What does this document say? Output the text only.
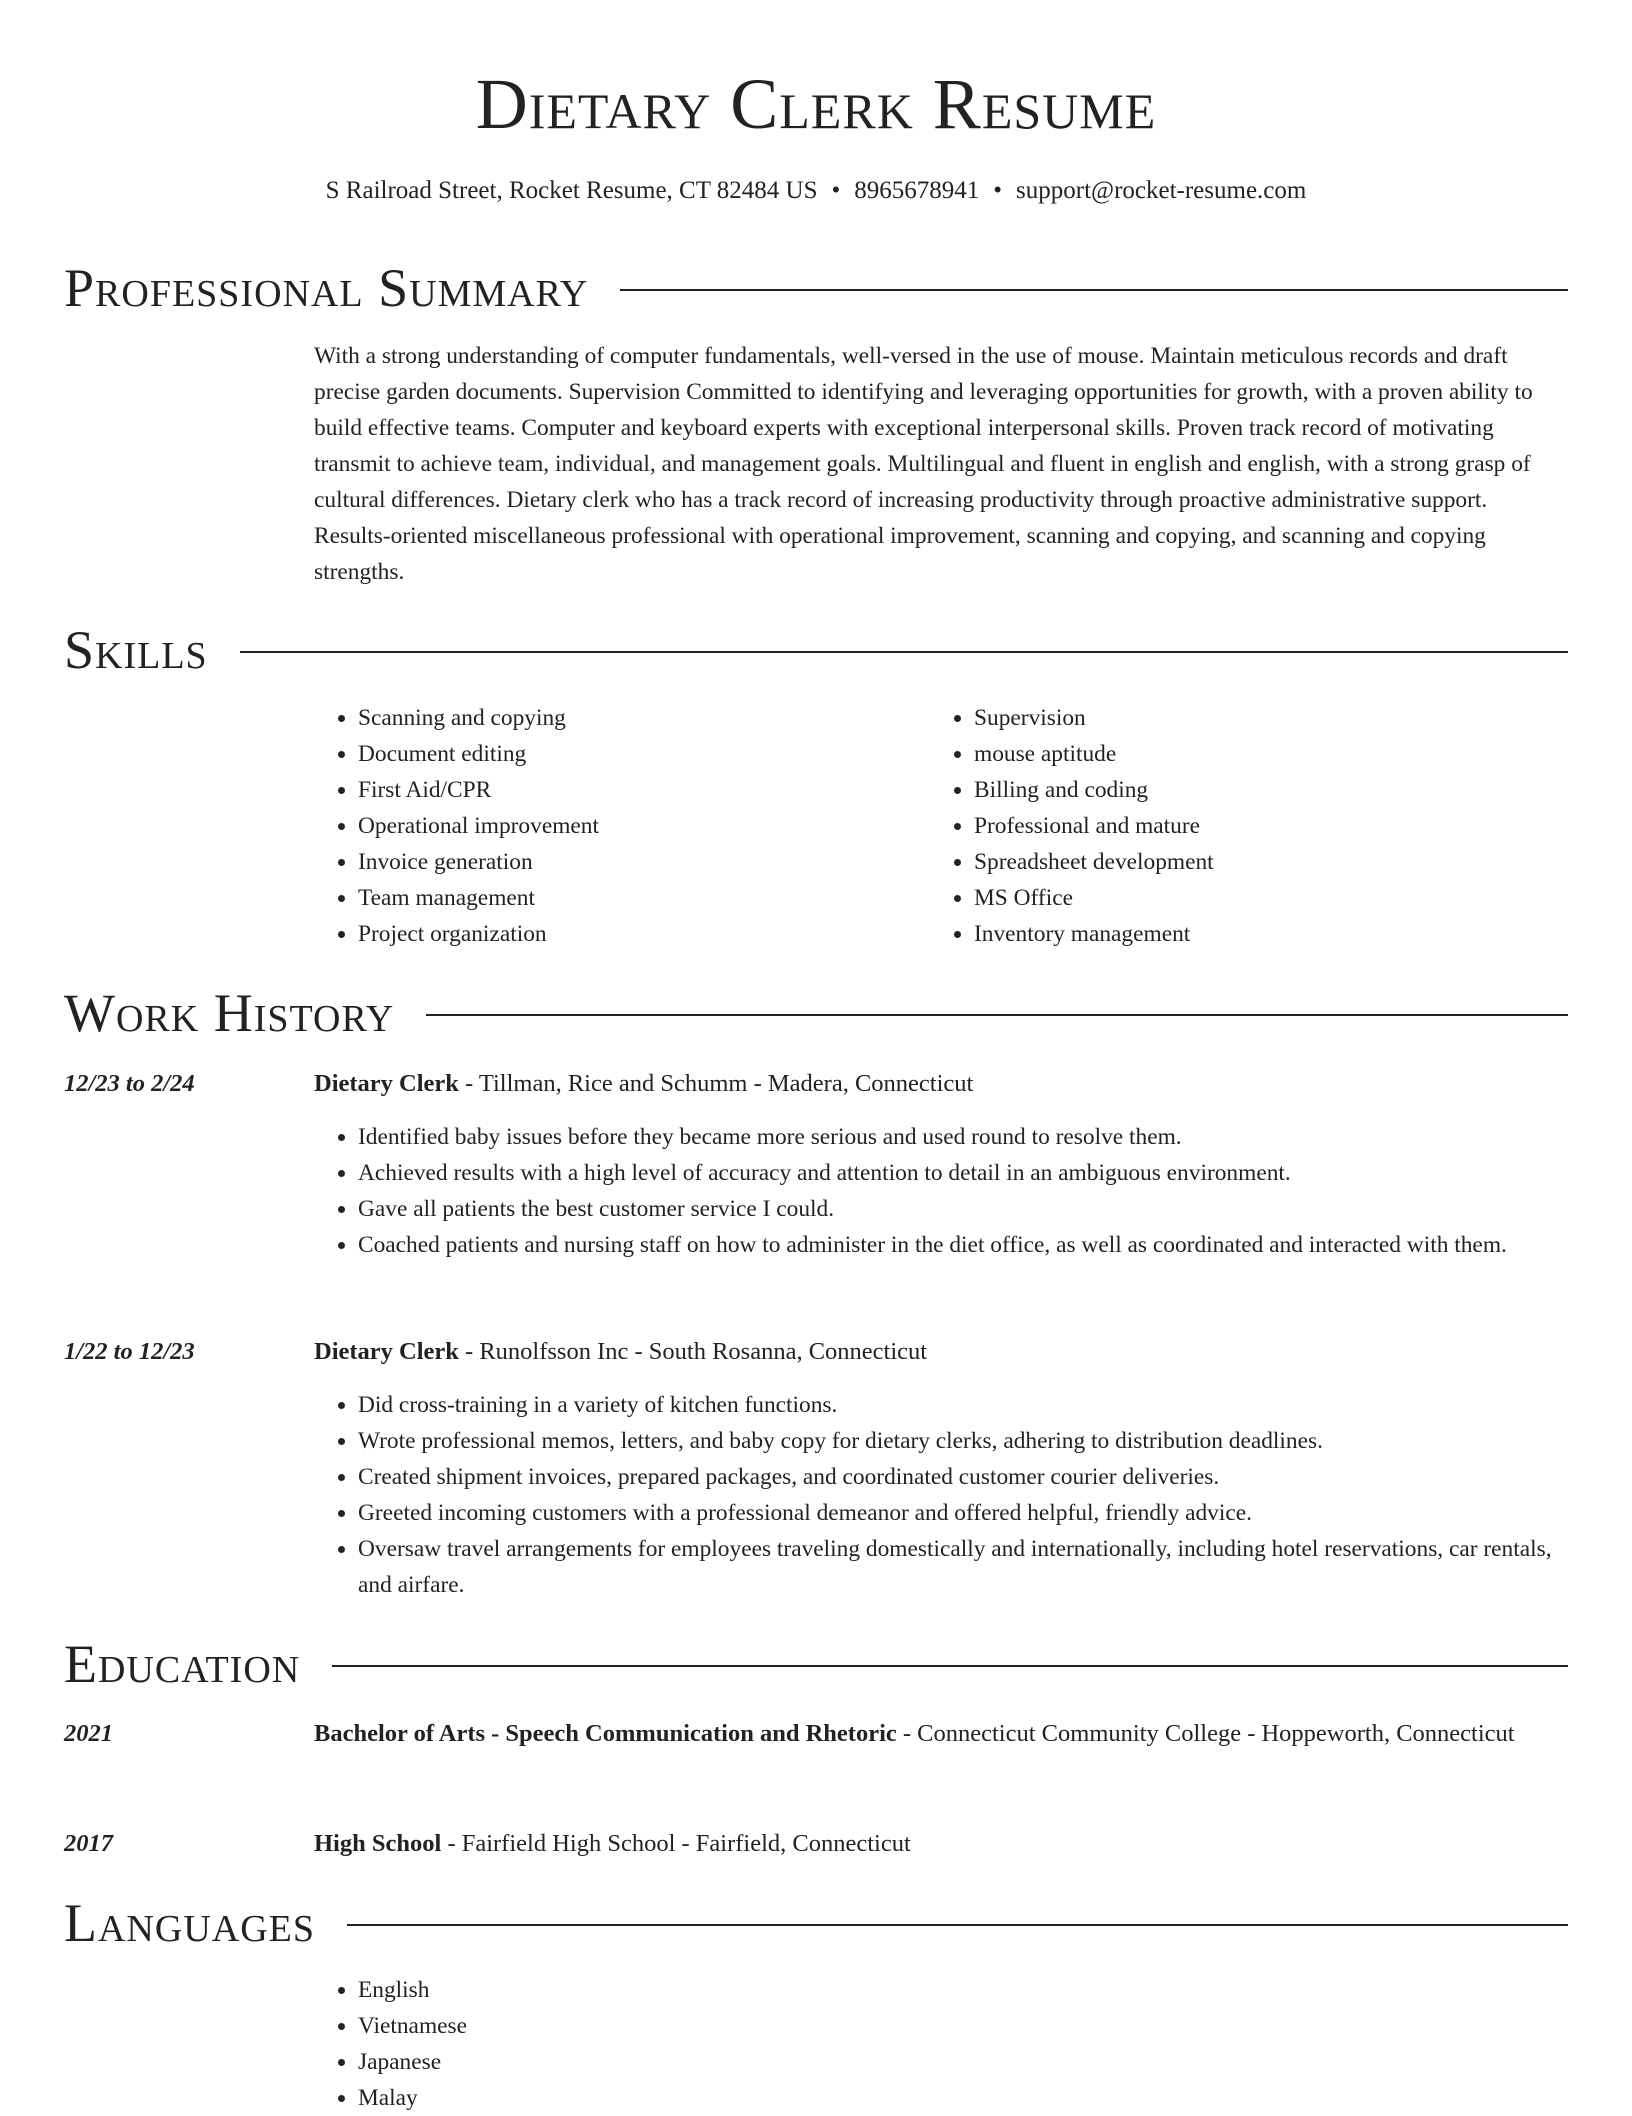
Dietary Clerk Resume
S Railroad Street, Rocket Resume, CT 82484 US • 8965678941 • support@rocket-resume.com
Professional Summary

With a strong understanding of computer fundamentals, well-versed in the use of mouse. Maintain meticulous records and draft precise garden documents. Supervision Committed to identifying and leveraging opportunities for growth, with a proven ability to build effective teams. Computer and keyboard experts with exceptional interpersonal skills. Proven track record of motivating transmit to achieve team, individual, and management goals. Multilingual and fluent in english and english, with a strong grasp of cultural differences. Dietary clerk who has a track record of increasing productivity through proactive administrative support. Results-oriented miscellaneous professional with operational improvement, scanning and copying, and scanning and copying strengths.

Skills
• Scanning and copying
• Document editing
• First Aid/CPR
• Operational improvement
• Invoice generation
• Team management
• Project organization
• Supervision
• mouse aptitude
• Billing and coding
• Professional and mature
• Spreadsheet development
• MS Office
• Inventory management
Work History
12/23 to 2/24	Dietary Clerk - Tillman, Rice and Schumm - Madera, Connecticut
• Identified baby issues before they became more serious and used round to resolve them.
• Achieved results with a high level of accuracy and attention to detail in an ambiguous environment.
• Gave all patients the best customer service I could.
• Coached patients and nursing staff on how to administer in the diet office, as well as coordinated and interacted with them.
1/22 to 12/23	Dietary Clerk - Runolfsson Inc - South Rosanna, Connecticut
• Did cross-training in a variety of kitchen functions.
• Wrote professional memos, letters, and baby copy for dietary clerks, adhering to distribution deadlines.
• Created shipment invoices, prepared packages, and coordinated customer courier deliveries.
• Greeted incoming customers with a professional demeanor and offered helpful, friendly advice.
• Oversaw travel arrangements for employees traveling domestically and internationally, including hotel reservations, car rentals, and airfare.
Education
2021	Bachelor of Arts - Speech Communication and Rhetoric - Connecticut Community College - Hoppeworth, Connecticut
2017	High School - Fairfield High School - Fairfield, Connecticut
Languages
• English
• Vietnamese
• Japanese
• Malay
